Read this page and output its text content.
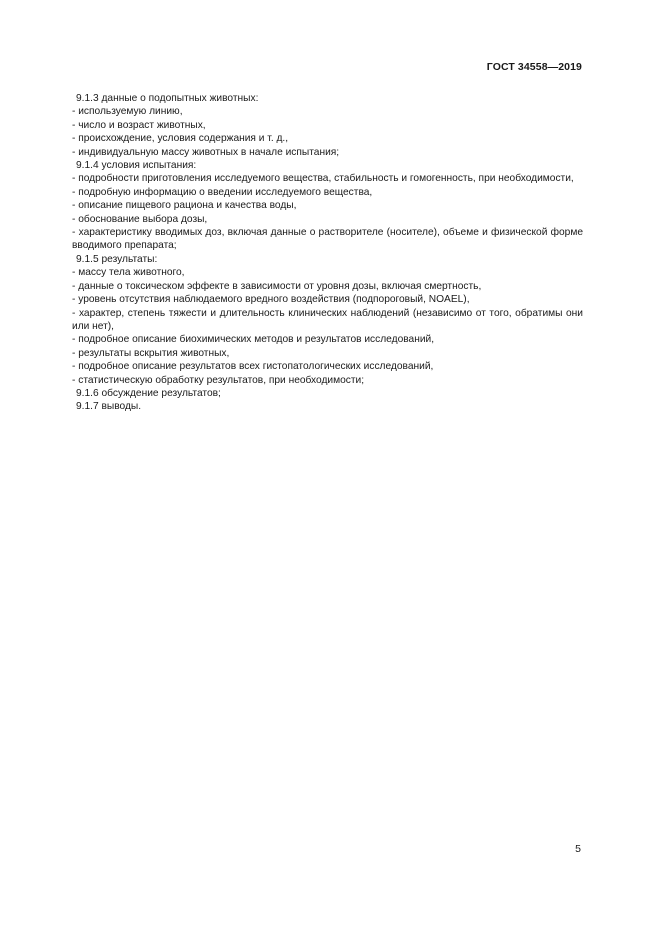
ГОСТ 34558—2019

9.1.3 данные о подопытных животных:

- используемую линию,

- число и возраст животных,

- происхождение, условия содержания и т. д.,

- индивидуальную массу животных в начале испытания;

9.1.4 условия испытания:

- подробности приготовления исследуемого вещества, стабильность и гомогенность, при необходимости,

- подробную информацию о введении исследуемого вещества,

- описание пищевого рациона и качества воды,

- обоснование выбора дозы,

- характеристику вводимых доз, включая данные о растворителе (носителе), объеме и физической форме вводимого препарата;

9.1.5 результаты:

- массу тела животного,

- данные о токсическом эффекте в зависимости от уровня дозы, включая смертность,

- уровень отсутствия наблюдаемого вредного воздействия (подпороговый, NOAEL),

- характер, степень тяжести и длительность клинических наблюдений (независимо от того, обратимы они или нет),

- подробное описание биохимических методов и результатов исследований,

- результаты вскрытия животных,

- подробное описание результатов всех гистопатологических исследований,

- статистическую обработку результатов, при необходимости;

9.1.6 обсуждение результатов;

9.1.7 выводы.

5
